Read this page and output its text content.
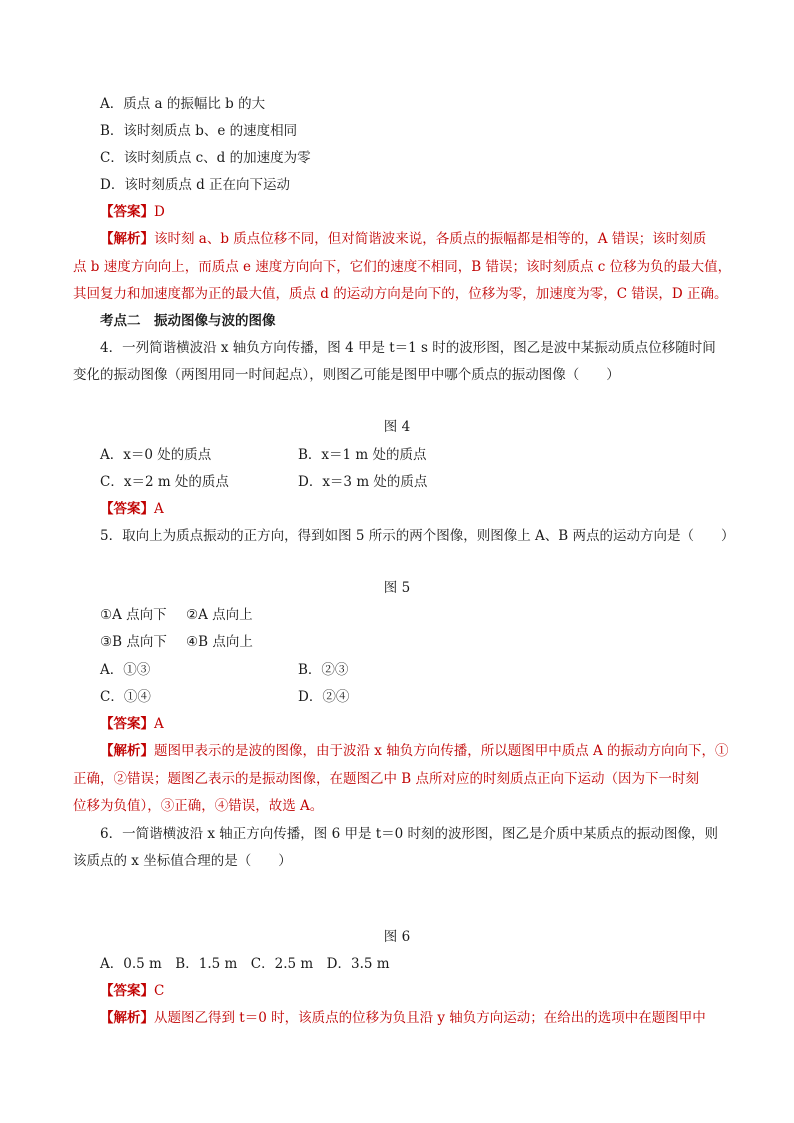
A．质点 a 的振幅比 b 的大
B．该时刻质点 b、e 的速度相同
C．该时刻质点 c、d 的加速度为零
D．该时刻质点 d 正在向下运动
【答案】D
【解析】该时刻 a、b 质点位移不同，但对简谐波来说，各质点的振幅都是相等的，A 错误；该时刻质
点 b 速度方向向上，而质点 e 速度方向向下，它们的速度不相同，B 错误；该时刻质点 c 位移为负的最大值，
其回复力和加速度都为正的最大值，质点 d 的运动方向是向下的，位移为零，加速度为零，C 错误，D 正确。
考点二　振动图像与波的图像
4．一列简谐横波沿 x 轴负方向传播，图 4 甲是 t＝1 s 时的波形图，图乙是波中某振动质点位移随时间
变化的振动图像（两图用同一时间起点），则图乙可能是图甲中哪个质点的振动图像（　　）
图 4
A．x＝0 处的质点	B．x＝1 m 处的质点
C．x＝2 m 处的质点	D．x＝3 m 处的质点
【答案】A
5．取向上为质点振动的正方向，得到如图 5 所示的两个图像，则图像上 A、B 两点的运动方向是（　　）
图 5
①A 点向下 ②A 点向上
③B 点向下 ④B 点向上
A．①③	B．②③
C．①④	D．②④
【答案】A
【解析】题图甲表示的是波的图像，由于波沿 x 轴负方向传播，所以题图甲中质点 A 的振动方向向下，①
正确，②错误；题图乙表示的是振动图像，在题图乙中 B 点所对应的时刻质点正向下运动（因为下一时刻
位移为负值），③正确，④错误，故选 A。
6．一简谐横波沿 x 轴正方向传播，图 6 甲是 t＝0 时刻的波形图，图乙是介质中某质点的振动图像，则
该质点的 x 坐标值合理的是（　　）
图 6
A．0.5 m　B．1.5 m　C．2.5 m　D．3.5 m
【答案】C
【解析】从题图乙得到 t＝0 时，该质点的位移为负且沿 y 轴负方向运动；在给出的选项中在题图甲中
